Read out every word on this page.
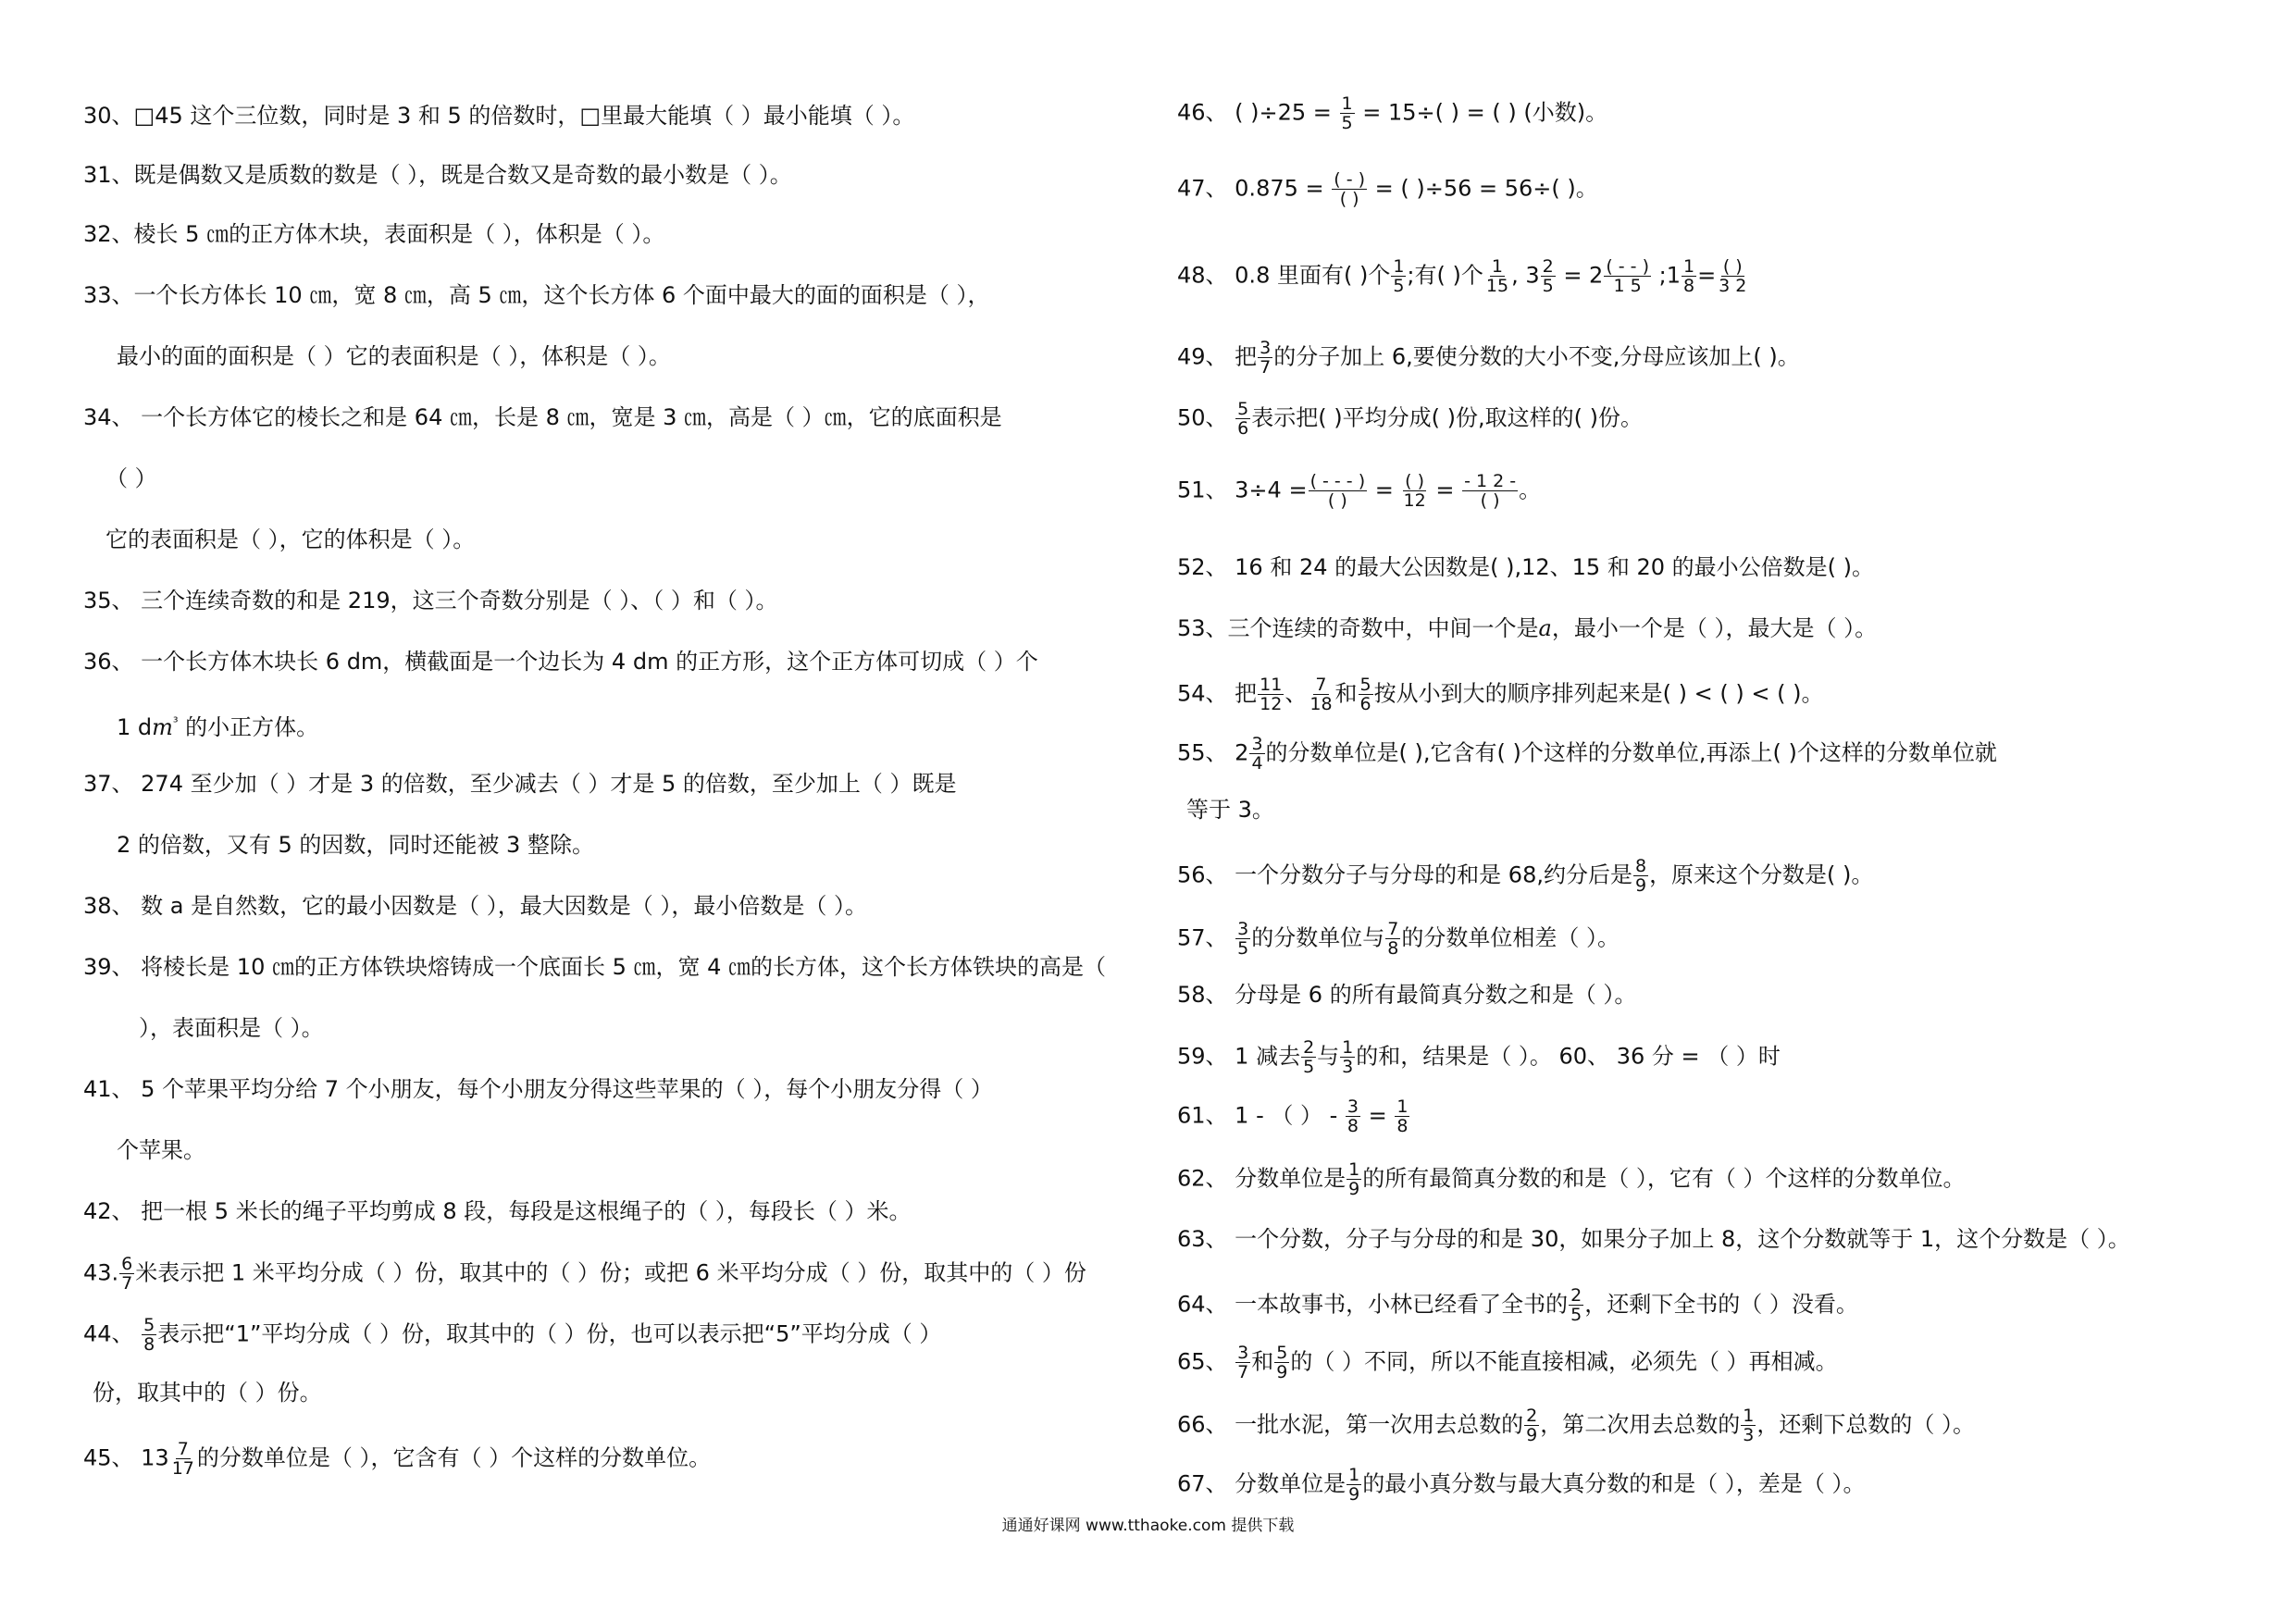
30、□45 这个三位数，同时是 3 和 5 的倍数时，□里最大能填（ ）最小能填（ ）。
31、既是偶数又是质数的数是（ ），既是合数又是奇数的最小数是（ ）。
32、棱长 5 ㎝的正方体木块，表面积是（ ），体积是（ ）。
33、一个长方体长 10 ㎝，宽 8 ㎝，高 5 ㎝，这个长方体 6 个面中最大的面的面积是（ ），
最小的面的面积是（ ）它的表面积是（ ），体积是（ ）。
34、 一个长方体它的棱长之和是 64 ㎝，长是 8 ㎝，宽是 3 ㎝，高是（ ）㎝，它的底面积是
（ ）
它的表面积是（ ），它的体积是（ ）。
35、 三个连续奇数的和是 219，这三个奇数分别是（ ）、（ ）和（ ）。
36、 一个长方体木块长 6 dm，横截面是一个边长为 4 dm 的正方形，这个正方体可切成（ ）个
1 $dm^{^3}$ 的小正方体。
37、 274 至少加（ ）才是 3 的倍数，至少减去（ ）才是 5 的倍数，至少加上（ ）既是
2 的倍数，又有 5 的因数，同时还能被 3 整除。
38、 数 a 是自然数，它的最小因数是（ ），最大因数是（ ），最小倍数是（ ）。
39、 将棱长是 10 ㎝的正方体铁块熔铸成一个底面长 5 ㎝，宽 4 ㎝的长方体，这个长方体铁块的高是（
），表面积是（ ）。
41、 5 个苹果平均分给 7 个小朋友，每个小朋友分得这些苹果的（ ），每个小朋友分得（ ）
个苹果。
42、 把一根 5 米长的绳子平均剪成 8 段，每段是这根绳子的（ ），每段长（ ）米。
43. $\frac{6}{7}$ 米表示把 1 米平均分成（ ）份，取其中的（ ）份；或把 6 米平均分成（ ）份，取其中的（ ）份
44、 $\frac{5}{8}$ 表示把“1”平均分成（ ）份，取其中的（ ）份，也可以表示把“5”平均分成（ ）
份，取其中的（ ）份。
45、 $13 \frac{7}{17}$ 的分数单位是（ ），它含有（ ）个这样的分数单位。
46、 ( )$\div 25 = \frac{1}{5} = 15\div$( ) = ( ) (小数)。
47、 $0.875 = \frac{( - )}{( )}$ = ( )÷56 = 56÷( )。
48、 0.8 里面有( )个 $\frac{1}{5}$ ;有( )个 $\frac{1}{15}$ , $3 \frac{2}{5} = 2 \frac{( - - )}{1 5}$ ;1 $\frac{1}{8} = \frac{( )}{3 2}$
49、 把 $\frac{3}{7}$ 的分子加上 6,要使分数的大小不变,分母应该加上( )。
50、 $\frac{5}{6}$ 表示把( )平均分成( )份,取这样的( )份。
51、 $3\div 4 = \frac{( - - - )}{( )} = \frac{( )}{12} = \frac{- 1 2 -}{( )}$ 。
52、 16 和 24 的最大公因数是( ),12、15 和 20 的最小公倍数是( )。
53、三个连续的奇数中，中间一个是a，最小一个是（ ），最大是（ ）。
54、 把 $\frac{11}{12}$ 、 $\frac{7}{18}$ 和 $\frac{5}{6}$ 按从小到大的顺序排列起来是( ) < ( ) < ( )。
55、 $2 \frac{3}{4}$ 的分数单位是( ),它含有( )个这样的分数单位,再添上( )个这样的分数单位就
等于 3。
56、 一个分数分子与分母的和是 68,约分后是 $\frac{8}{9}$ ，原来这个分数是( )。
57、 $\frac{3}{5}$ 的分数单位与 $\frac{7}{8}$ 的分数单位相差（ ）。
58、 分母是 6 的所有最简真分数之和是（ ）。
59、 1 减去 $\frac{2}{5}$ 与 $\frac{1}{3}$ 的和，结果是（ ）。 60、 36 分 = （ ）时
61、 1 - （ ） - $\frac{3}{8} = \frac{1}{8}$
62、 分数单位是 $\frac{1}{9}$ 的所有最简真分数的和是（ ），它有（ ）个这样的分数单位。
63、 一个分数，分子与分母的和是 30，如果分子加上 8，这个分数就等于 1，这个分数是（ ）。
64、 一本故事书，小林已经看了全书的 $\frac{2}{5}$ ，还剩下全书的（ ）没看。
65、 $\frac{3}{7}$ 和 $\frac{5}{9}$ 的（ ）不同，所以不能直接相减，必须先（ ）再相减。
66、 一批水泥，第一次用去总数的 $\frac{2}{9}$ ，第二次用去总数的 $\frac{1}{3}$ ，还剩下总数的（ ）。
67、 分数单位是 $\frac{1}{9}$ 的最小真分数与最大真分数的和是（ ），差是（ ）。
通通好课网 www.tthaoke.com 提供下载
